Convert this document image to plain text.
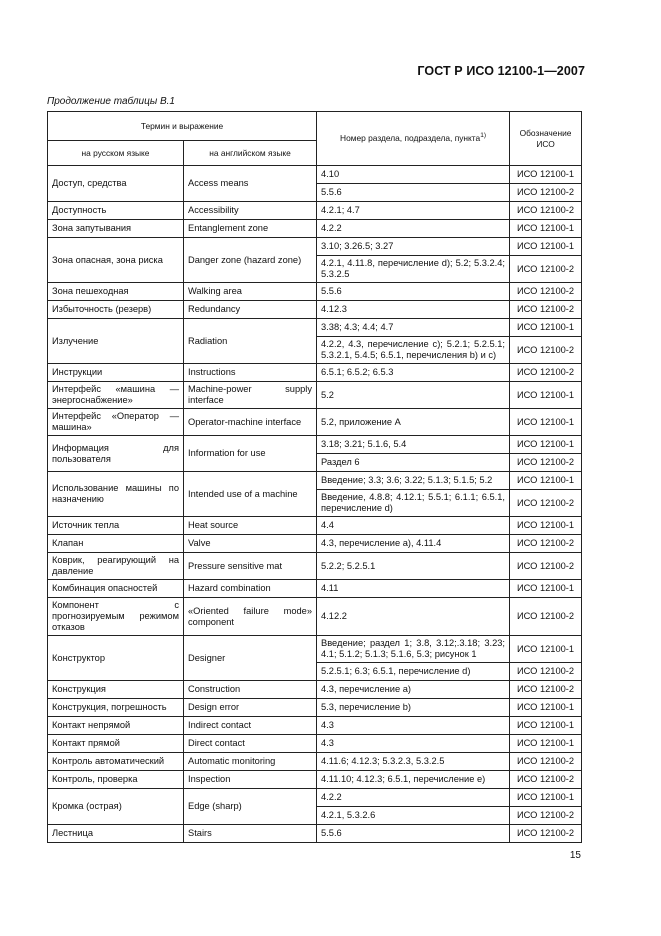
ГОСТ Р ИСО 12100-1—2007
Продолжение таблицы В.1
Термин и выражение		Номер раздела, подраздела, пункта$^{1)}$	Обозначение ИСО
на русском языке	на английском языке		
Доступ, средства	Access means	4.10	ИСО 12100-1
		5.5.6	ИСО 12100-2
Доступность	Accessibility	4.2.1; 4.7	ИСО 12100-2
Зона запутывания	Entanglement zone	4.2.2	ИСО 12100-1
Зона опасная, зона риска	Danger zone (hazard zone)	3.10; 3.26.5; 3.27	ИСО 12100-1
		4.2.1, 4.11.8, перечисление d); 5.2; 5.3.2.4; 5.3.2.5	ИСО 12100-2
Зона пешеходная	Walking area	5.5.6	ИСО 12100-2
Избыточность (резерв)	Redundancy	4.12.3	ИСО 12100-2
Излучение	Radiation	3.38; 4.3; 4.4; 4.7	ИСО 12100-1
		4.2.2, 4.3, перечисление c); 5.2.1; 5.2.5.1; 5.3.2.1, 5.4.5; 6.5.1, перечисления b) и c)	ИСО 12100-2
Инструкции	Instructions	6.5.1; 6.5.2; 6.5.3	ИСО 12100-2
Интерфейс «машина — энергоснабжение»	Machine-power supply interface	5.2	ИСО 12100-1
Интерфейс «Оператор — машина»	Operator-machine interface	5.2, приложение А	ИСО 12100-1
Информация для пользователя	Information for use	3.18; 3.21; 5.1.6, 5.4	ИСО 12100-1
		Раздел 6	ИСО 12100-2
Использование машины по назначению	Intended use of a machine	Введение; 3.3; 3.6; 3.22; 5.1.3; 5.1.5; 5.2	ИСО 12100-1
		Введение, 4.8.8; 4.12.1; 5.5.1; 6.1.1; 6.5.1, перечисление d)	ИСО 12100-2
Источник тепла	Heat source	4.4	ИСО 12100-1
Клапан	Valve	4.3, перечисление a), 4.11.4	ИСО 12100-2
Коврик, реагирующий на давление	Pressure sensitive mat	5.2.2; 5.2.5.1	ИСО 12100-2
Комбинация опасностей	Hazard combination	4.11	ИСО 12100-1
Компонент с прогнозируемым режимом отказов	«Oriented failure mode» component	4.12.2	ИСО 12100-2
Конструктор	Designer	Введение; раздел 1; 3.8, 3.12;.3.18; 3.23; 4.1; 5.1.2; 5.1.3; 5.1.6, 5.3; рисунок 1	ИСО 12100-1
		5.2.5.1; 6.3; 6.5.1, перечисление d)	ИСО 12100-2
Конструкция	Construction	4.3, перечисление a)	ИСО 12100-2
Конструкция, погрешность	Design error	5.3, перечисление b)	ИСО 12100-1
Контакт непрямой	Indirect contact	4.3	ИСО 12100-1
Контакт прямой	Direct contact	4.3	ИСО 12100-1
Контроль автоматический	Automatic monitoring	4.11.6; 4.12.3; 5.3.2.3, 5.3.2.5	ИСО 12100-2
Контроль, проверка	Inspection	4.11.10; 4.12.3; 6.5.1, перечисление e)	ИСО 12100-2
Кромка (острая)	Edge (sharp)	4.2.2	ИСО 12100-1
		4.2.1, 5.3.2.6	ИСО 12100-2
Лестница	Stairs	5.5.6	ИСО 12100-2
15
